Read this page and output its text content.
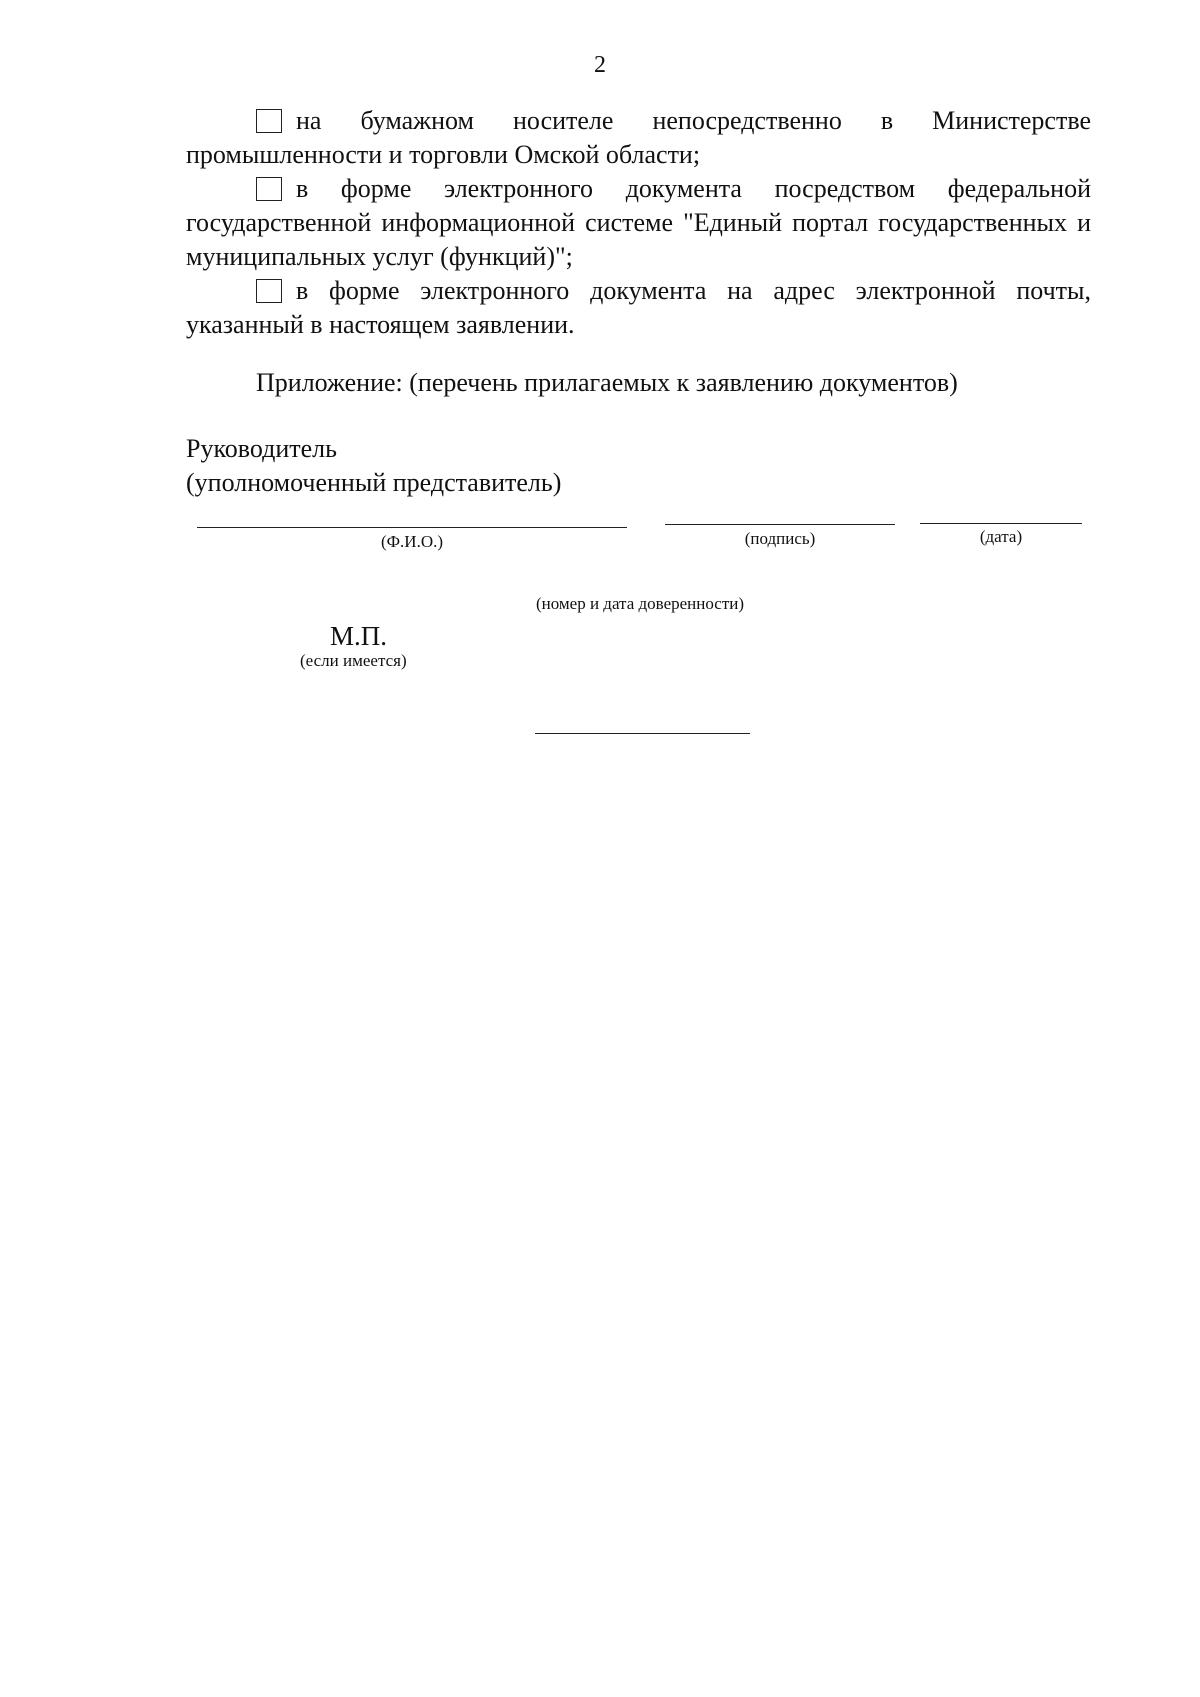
2

на бумажном носителе непосредственно в Министерстве промышленности и торговли Омской области;

в форме электронного документа посредством федеральной государственной информационной системе "Единый портал государственных и муниципальных услуг (функций)";

в форме электронного документа на адрес электронной почты, указанный в настоящем заявлении.

Приложение: (перечень прилагаемых к заявлению документов)
Руководитель
(уполномоченный представитель)
(Ф.И.О.)	(подпись)	(дата)
(номер и дата доверенности)
М.П.
(если имеется)
